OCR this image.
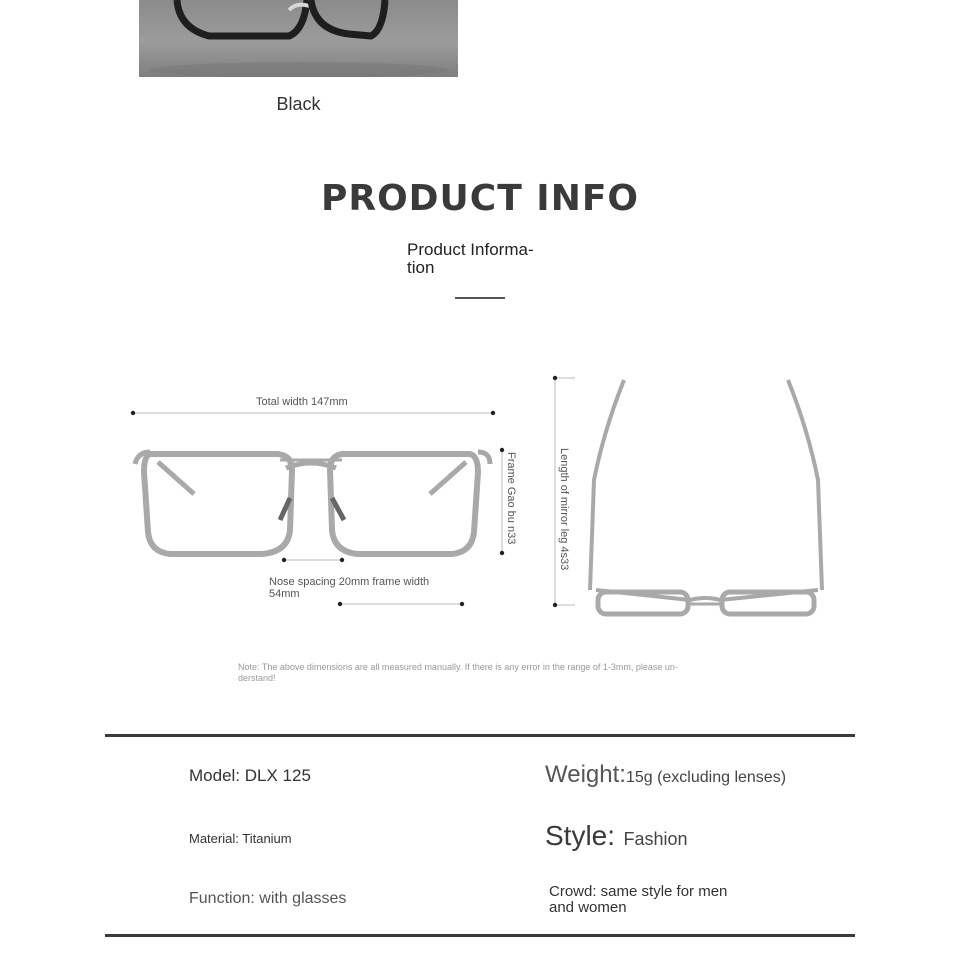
Black
PRODUCT INFO
Product Informa-
tion
Total width 147mm
Frame Gao bu n33
Nose spacing 20mm frame width
54mm
Length of mirror leg 4s33
Note: The above dimensions are all measured manually. If there is any error in the range of 1-3mm, please un-
derstand!
Model: DLX 125	Weight:15g (excluding lenses)
Material: Titanium	Style: Fashion
Function: with glasses	Crowd: same style for men
and women
